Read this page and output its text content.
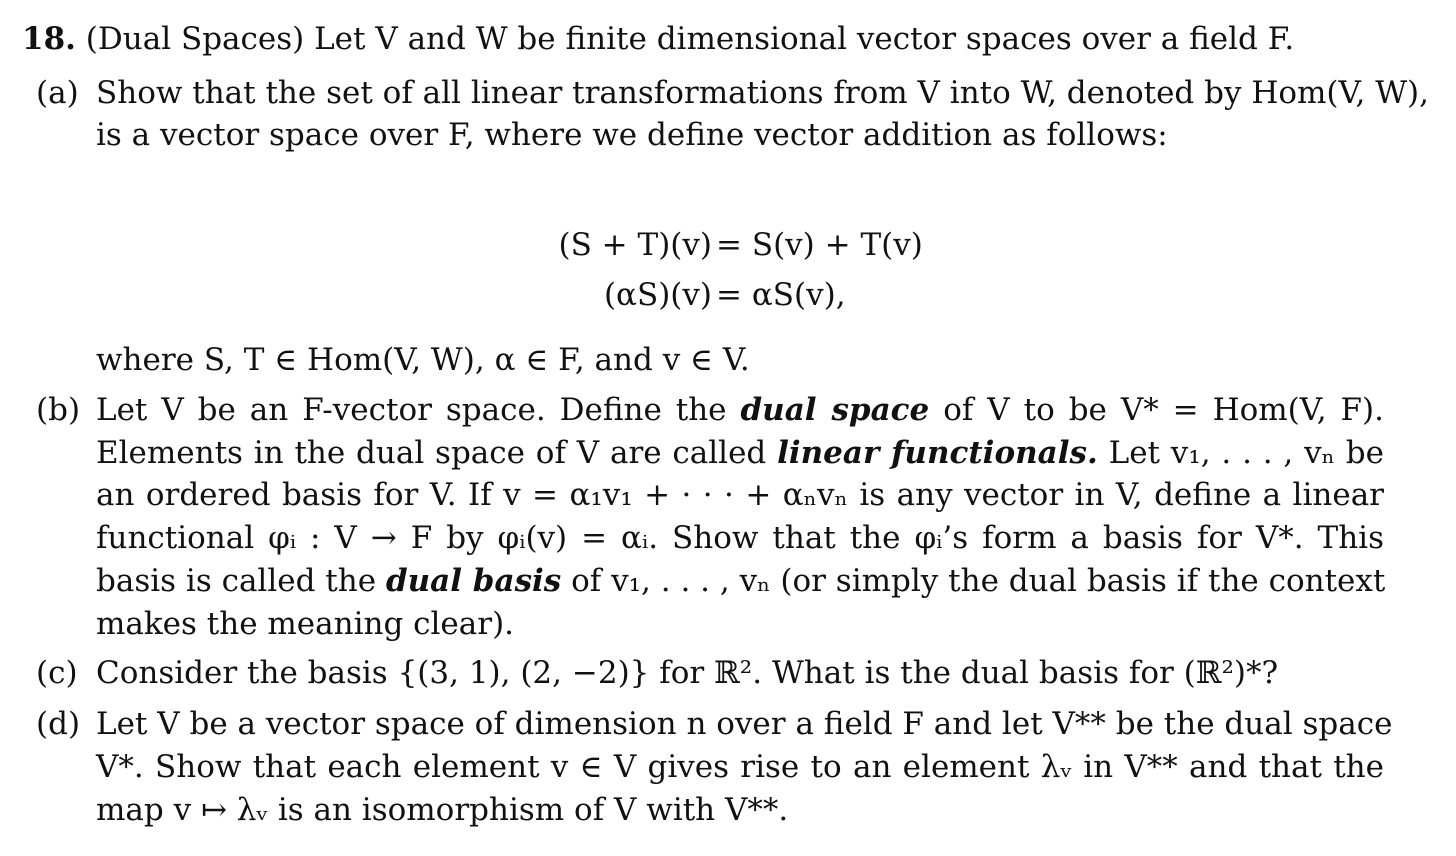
18. (Dual Spaces) Let V and W be finite dimensional vector spaces over a field F.
(a) Show that the set of all linear transformations from V into W, denoted by Hom(V, W),
is a vector space over F, where we define vector addition as follows:
(S + T)(v) = S(v) + T(v)
(αS)(v) = αS(v),
where S, T ∈ Hom(V, W), α ∈ F, and v ∈ V.
(b) Let V be an F-vector space. Define the dual space of V to be V* = Hom(V, F).
Elements in the dual space of V are called linear functionals. Let v₁, . . . , vₙ be
an ordered basis for V. If v = α₁v₁ + · · · + αₙvₙ is any vector in V, define a linear
functional φᵢ : V → F by φᵢ(v) = αᵢ. Show that the φᵢ’s form a basis for V*. This
basis is called the dual basis of v₁, . . . , vₙ (or simply the dual basis if the context
makes the meaning clear).
(c) Consider the basis {(3, 1), (2, −2)} for ℝ². What is the dual basis for (ℝ²)*?
(d) Let V be a vector space of dimension n over a field F and let V** be the dual space
V*. Show that each element v ∈ V gives rise to an element λᵥ in V** and that the
map v ↦ λᵥ is an isomorphism of V with V**.
